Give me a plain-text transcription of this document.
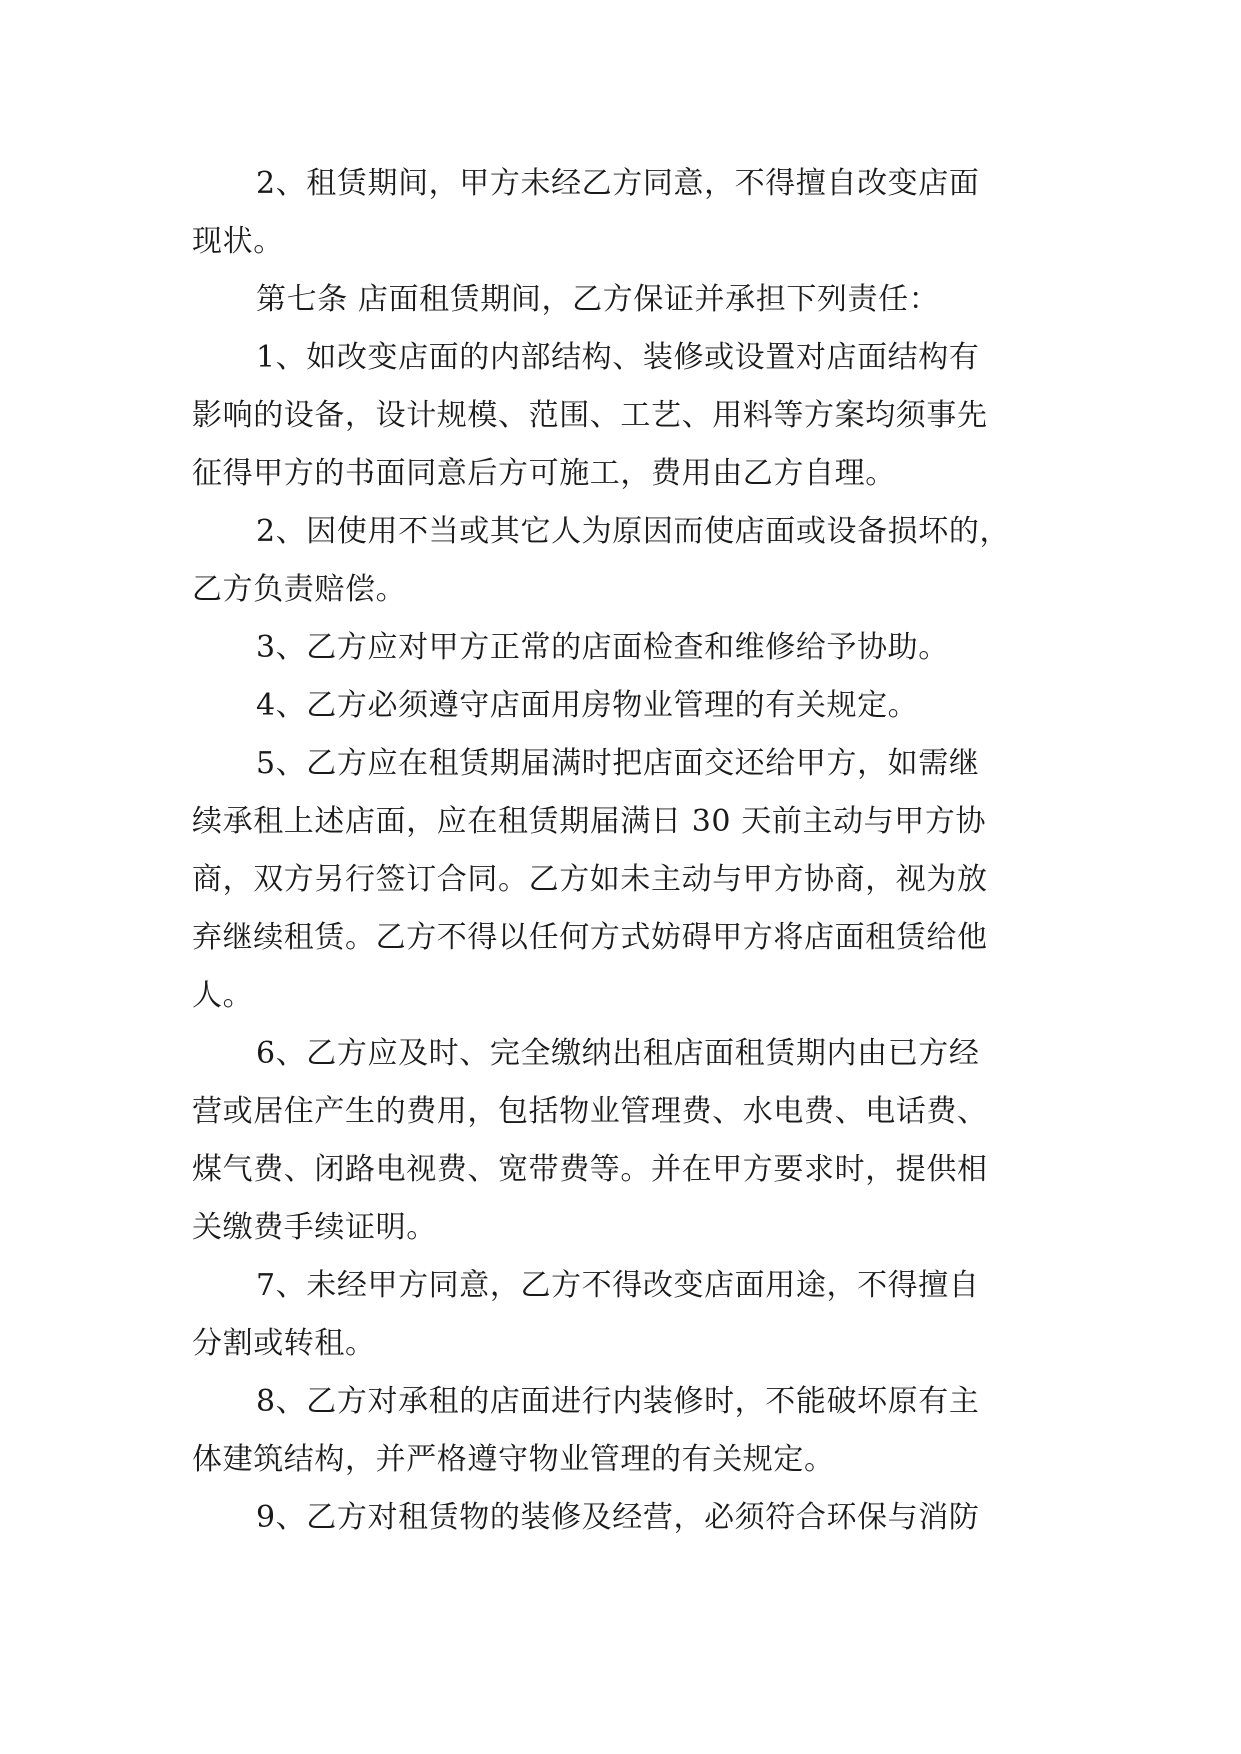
2、租赁期间，甲方未经乙方同意，不得擅自改变店面
现状。
第七条 店面租赁期间，乙方保证并承担下列责任：
1、如改变店面的内部结构、装修或设置对店面结构有
影响的设备，设计规模、范围、工艺、用料等方案均须事先
征得甲方的书面同意后方可施工，费用由乙方自理。
2、因使用不当或其它人为原因而使店面或设备损坏的，
乙方负责赔偿。
3、乙方应对甲方正常的店面检查和维修给予协助。
4、乙方必须遵守店面用房物业管理的有关规定。
5、乙方应在租赁期届满时把店面交还给甲方，如需继
续承租上述店面，应在租赁期届满日 30 天前主动与甲方协
商，双方另行签订合同。乙方如未主动与甲方协商，视为放
弃继续租赁。乙方不得以任何方式妨碍甲方将店面租赁给他
人。
6、乙方应及时、完全缴纳出租店面租赁期内由已方经
营或居住产生的费用，包括物业管理费、水电费、电话费、
煤气费、闭路电视费、宽带费等。并在甲方要求时，提供相
关缴费手续证明。
7、未经甲方同意，乙方不得改变店面用途，不得擅自
分割或转租。
8、乙方对承租的店面进行内装修时，不能破坏原有主
体建筑结构，并严格遵守物业管理的有关规定。
9、乙方对租赁物的装修及经营，必须符合环保与消防
